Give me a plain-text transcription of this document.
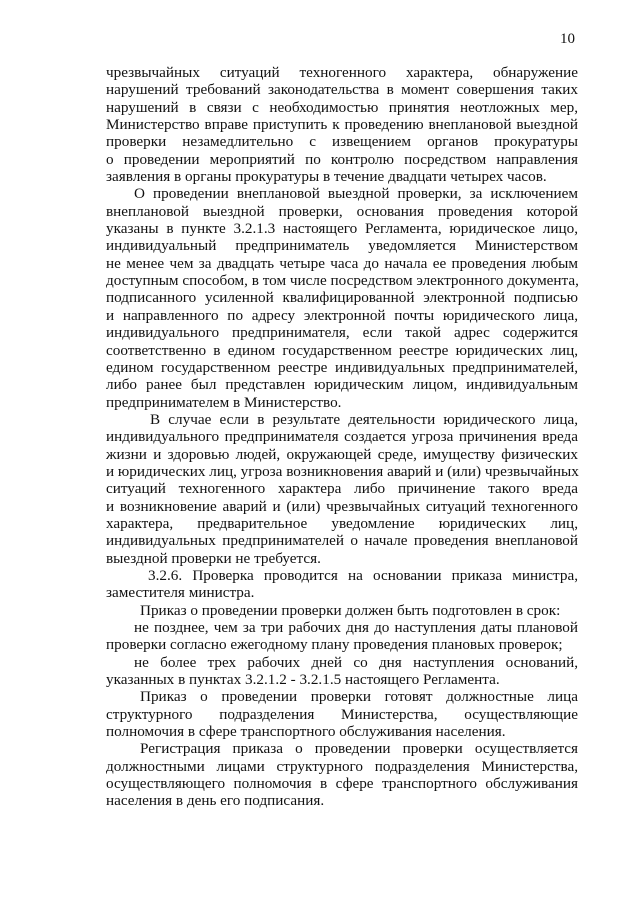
10
чрезвычайных ситуаций техногенного характера, обнаружение
нарушений требований законодательства в момент совершения таких
нарушений в связи с необходимостью принятия неотложных мер,
Министерство вправе приступить к проведению внеплановой выездной
проверки незамедлительно с извещением органов прокуратуры
о проведении мероприятий по контролю посредством направления
заявления в органы прокуратуры в течение двадцати четырех часов.
О проведении внеплановой выездной проверки, за исключением
внеплановой выездной проверки, основания проведения которой
указаны в пункте 3.2.1.3 настоящего Регламента, юридическое лицо,
индивидуальный предприниматель уведомляется Министерством
не менее чем за двадцать четыре часа до начала ее проведения любым
доступным способом, в том числе посредством электронного документа,
подписанного усиленной квалифицированной электронной подписью
и направленного по адресу электронной почты юридического лица,
индивидуального предпринимателя, если такой адрес содержится
соответственно в едином государственном реестре юридических лиц,
едином государственном реестре индивидуальных предпринимателей,
либо ранее был представлен юридическим лицом, индивидуальным
предпринимателем в Министерство.
В случае если в результате деятельности юридического лица,
индивидуального предпринимателя создается угроза причинения вреда
жизни и здоровью людей, окружающей среде, имуществу физических
и юридических лиц, угроза возникновения аварий и (или) чрезвычайных
ситуаций техногенного характера либо причинение такого вреда
и возникновение аварий и (или) чрезвычайных ситуаций техногенного
характера, предварительное уведомление юридических лиц,
индивидуальных предпринимателей о начале проведения внеплановой
выездной проверки не требуется.
3.2.6. Проверка проводится на основании приказа министра,
заместителя министра.
Приказ о проведении проверки должен быть подготовлен в срок:
не позднее, чем за три рабочих дня до наступления даты плановой
проверки согласно ежегодному плану проведения плановых проверок;
не более трех рабочих дней со дня наступления оснований,
указанных в пунктах 3.2.1.2 - 3.2.1.5 настоящего Регламента.
Приказ о проведении проверки готовят должностные лица
структурного подразделения Министерства, осуществляющие
полномочия в сфере транспортного обслуживания населения.
Регистрация приказа о проведении проверки осуществляется
должностными лицами структурного подразделения Министерства,
осуществляющего полномочия в сфере транспортного обслуживания
населения в день его подписания.
